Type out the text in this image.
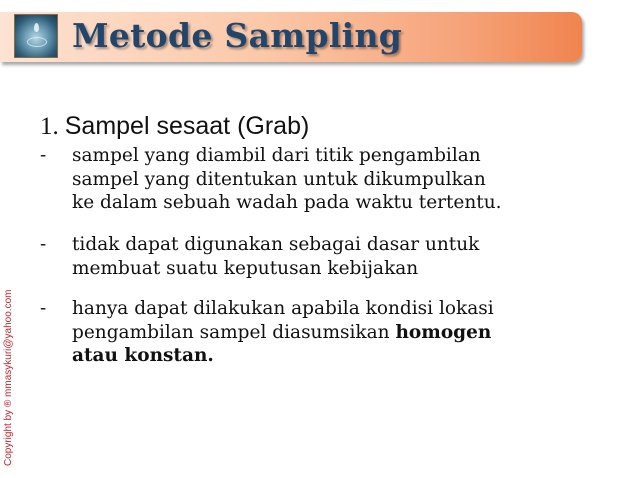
Metode Sampling
Copyright by ® mmasykuri@yahoo.com
1. Sampel sesaat (Grab)
- sampel yang diambil dari titik pengambilan
sampel yang ditentukan untuk dikumpulkan
ke dalam sebuah wadah pada waktu tertentu.
- tidak dapat digunakan sebagai dasar untuk
membuat suatu keputusan kebijakan
- hanya dapat dilakukan apabila kondisi lokasi
pengambilan sampel diasumsikan homogen
atau konstan.
